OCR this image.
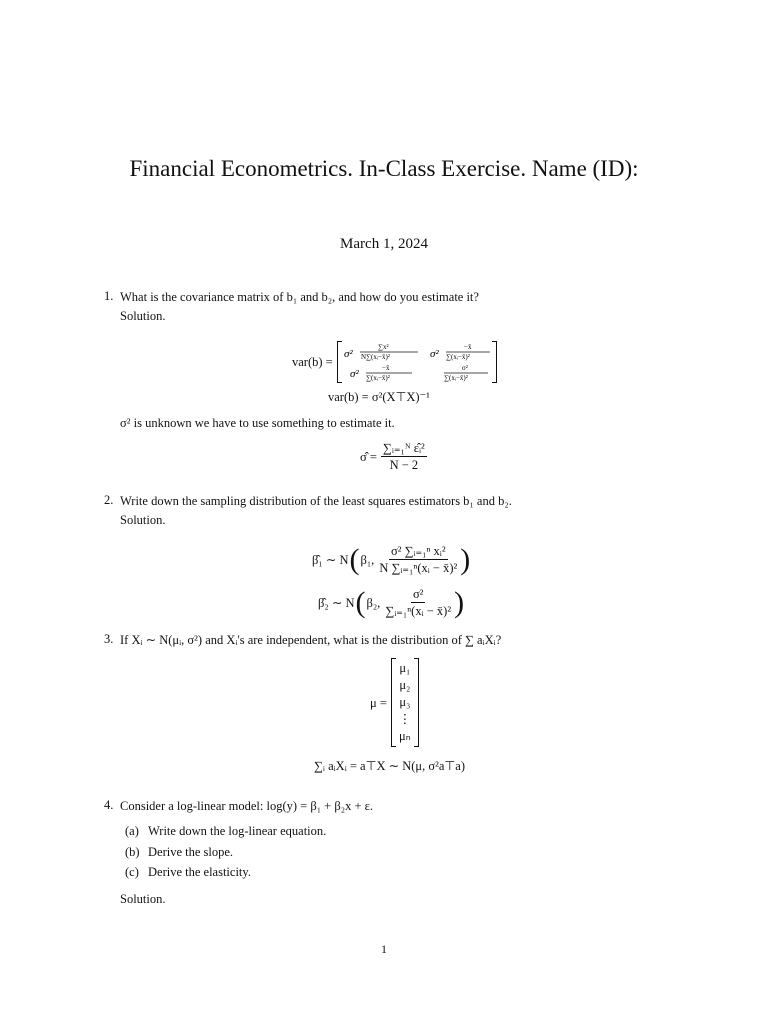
Financial Econometrics. In-Class Exercise. Name (ID):
March 1, 2024
1. What is the covariance matrix of b₁ and b₂, and how do you estimate it?
Solution.
var(b) =
σ²
∑x²
N∑(xᵢ−x̄)²	σ²
−x̄
∑(xᵢ−x̄)²
σ²	−x̄
∑(xᵢ−x̄)²
σ²
∑(xᵢ−x̄)²
var(b) = σ²(X⊤X)⁻¹
σ² is unknown we have to use something to estimate it.
σ̂ = $\frac{\text{∑ᵢ₌₁ᴺ ε̂ᵢ²}}{N - 2}$
2. Write down the sampling distribution of the least squares estimators b₁ and b₂.
Solution.
β̂₁ ∼ N ( β₁, $\frac{\text{σ² ∑ᵢ₌₁ⁿ xᵢ²}}{\text{N ∑ᵢ₌₁ⁿ(xᵢ − x̄)²}}$ )
β̂₂ ∼ N ( β₂, $\frac{\text{σ²}}{\text{∑ᵢ₌₁ⁿ(xᵢ − x̄)²}}$ )
3. If Xᵢ ∼ N(μᵢ, σ²) and Xᵢ's are independent, what is the distribution of ∑ aᵢXᵢ?
μ =
μ₁
μ₂
μ₃
⋮
μₙ
∑ᵢ aᵢXᵢ = a⊤X ∼ N(μ, σ²a⊤a)
4. Consider a log-linear model: log(y) = β₁ + β₂x + ε.
(a) Write down the log-linear equation.
(b) Derive the slope.
(c) Derive the elasticity.
Solution.
1
